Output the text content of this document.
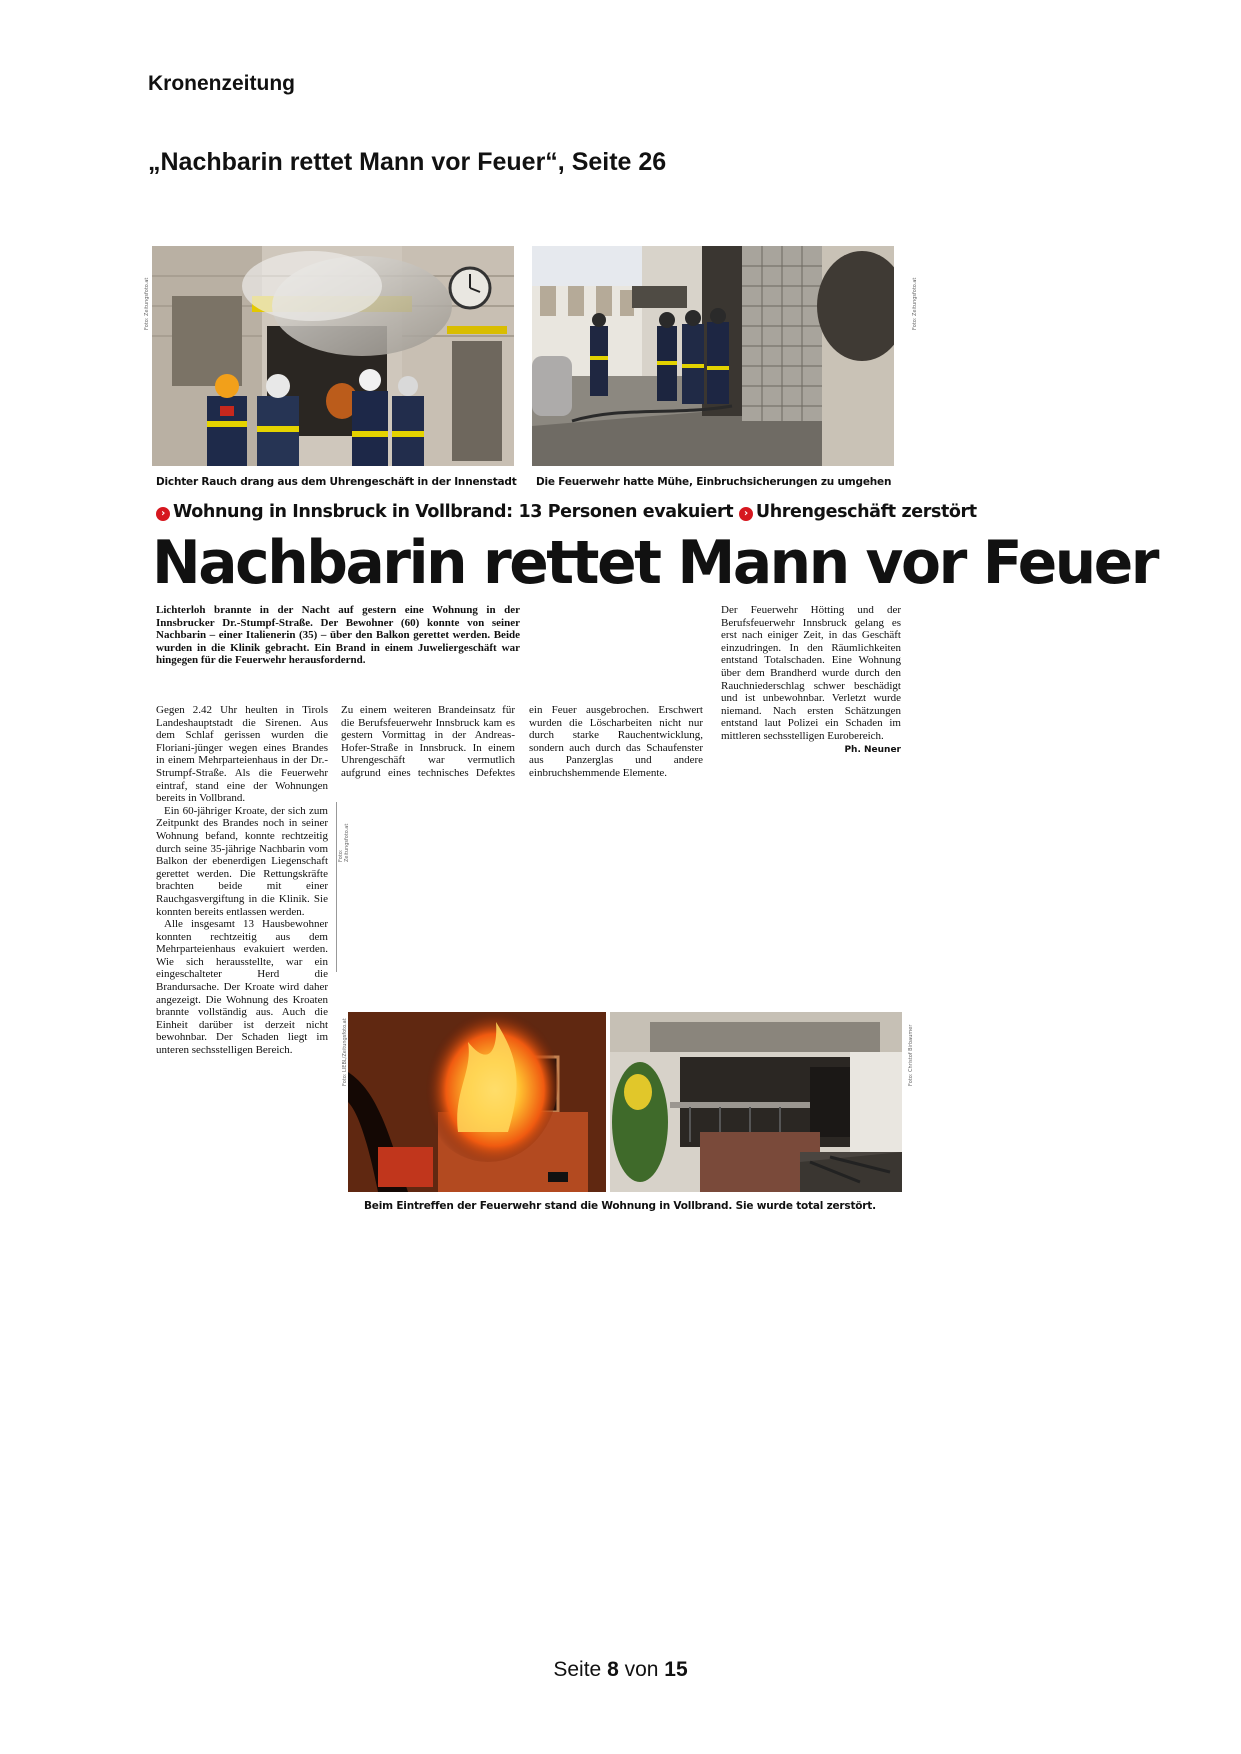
Kronenzeitung
„Nachbarin rettet Mann vor Feuer“, Seite 26
Foto: Zeitungsfoto.at	Foto: Zeitungsfoto.at
Dichter Rauch drang aus dem Uhrengeschäft in der Innenstadt Die Feuerwehr hatte Mühe, Einbruchsicherungen zu umgehen
› Wohnung in Innsbruck in Vollbrand: 13 Personen evakuiert › Uhrengeschäft zerstört
Nachbarin rettet Mann vor Feuer
Lichterloh brannte in der Nacht auf gestern eine Wohnung in der Innsbrucker Dr.-Stumpf-Straße. Der Bewohner (60) konnte von seiner Nachbarin – einer Italienerin (35) – über den Balkon gerettet werden. Beide wurden in die Klinik gebracht. Ein Brand in einem Juweliergeschäft war hingegen für die Feuerwehr herausfordernd.

Gegen 2.42 Uhr heulten in Tirols Landeshauptstadt die Sirenen. Aus dem Schlaf gerissen wurden die Floriani-jünger wegen eines Brandes in einem Mehrparteienhaus in der Dr.-Strumpf-Straße. Als die Feuerwehr eintraf, stand eine der Wohnungen bereits in Vollbrand.

Ein 60-jähriger Kroate, der sich zum Zeitpunkt des Brandes noch in seiner Wohnung befand, konnte rechtzeitig durch seine 35-jährige Nachbarin vom Balkon der ebenerdigen Liegenschaft gerettet werden. Die Rettungskräfte brachten beide mit einer Rauchgasvergiftung in die Klinik. Sie konnten bereits entlassen werden.

Alle insgesamt 13 Hausbewohner konnten rechtzeitig aus dem Mehrparteienhaus evakuiert werden. Wie sich herausstellte, war ein eingeschalteter Herd die Brandursache. Der Kroate wird daher angezeigt. Die Wohnung des Kroaten brannte vollständig aus. Auch die Einheit darüber ist derzeit nicht bewohnbar. Der Schaden liegt im unteren sechsstelligen Bereich.

Foto: Zeitungsfoto.at

Zu einem weiteren Brandeinsatz für die Berufsfeuerwehr Innsbruck kam es gestern Vormittag in der Andreas-Hofer-Straße in Innsbruck. In einem Uhrengeschäft war vermutlich aufgrund eines technisches Defektes ein Feuer ausgebrochen. Erschwert wurden die Löscharbeiten nicht nur durch starke Rauchentwicklung, sondern auch durch das Schaufenster aus Panzerglas und andere einbruchshemmende Elemente.

Der Feuerwehr Hötting und der Berufsfeuerwehr Innsbruck gelang es erst nach einiger Zeit, in das Geschäft einzudringen. In den Räumlichkeiten entstand Totalschaden. Eine Wohnung über dem Brandherd wurde durch den Rauchniederschlag schwer beschädigt und ist unbewohnbar. Verletzt wurde niemand. Nach ersten Schätzungen entstand laut Polizei ein Schaden im mittleren sechsstelligen Eurobereich.

Ph. Neuner
Foto: LIEBL/Zeitungsfoto.at	Foto: Christof Birbaumer
Beim Eintreffen der Feuerwehr stand die Wohnung in Vollbrand. Sie wurde total zerstört.
Seite 8 von 15
